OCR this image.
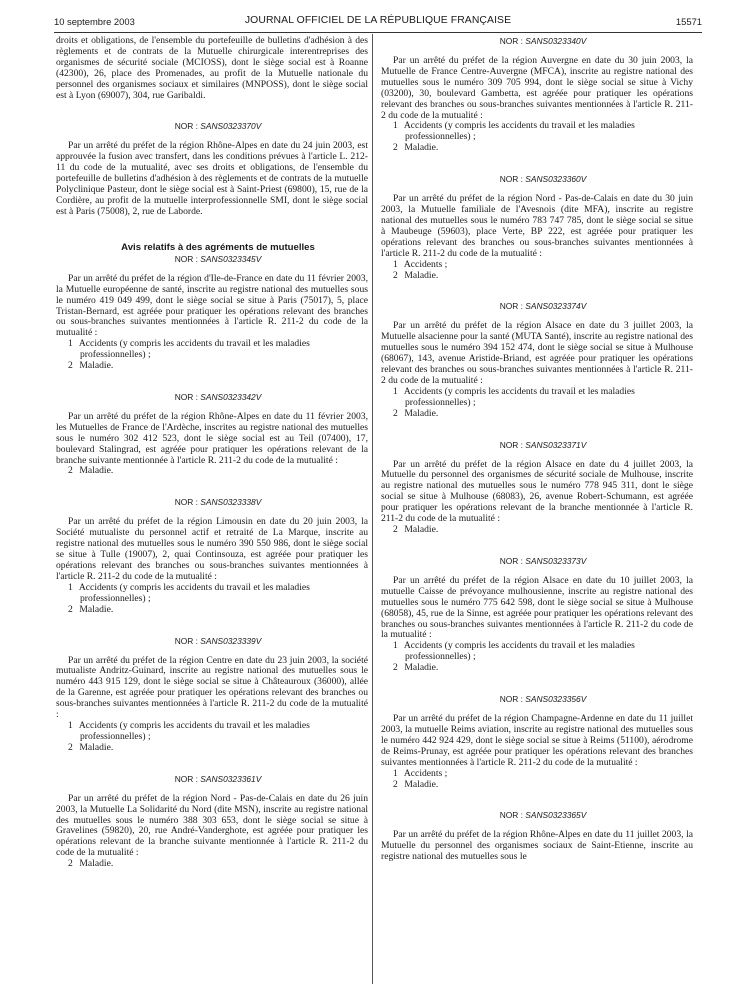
10 septembre 2003	JOURNAL OFFICIEL DE LA RÉPUBLIQUE FRANÇAISE	15571

droits et obligations, de l'ensemble du portefeuille de bulletins d'adhésion à des règlements et de contrats de la Mutuelle chirurgicale interentreprises des organismes de sécurité sociale (MCIOSS), dont le siège social est à Roanne (42300), 26, place des Promenades, au profit de la Mutuelle nationale du personnel des organismes sociaux et similaires (MNPOSS), dont le siège social est à Lyon (69007), 304, rue Garibaldi.

NOR : SANS0323370V

Par un arrêté du préfet de la région Rhône-Alpes en date du 24 juin 2003, est approuvée la fusion avec transfert, dans les conditions prévues à l'article L. 212-11 du code de la mutualité, avec ses droits et obligations, de l'ensemble du portefeuille de bulletins d'adhésion à des règlements et de contrats de la mutuelle Polyclinique Pasteur, dont le siège social est à Saint-Priest (69800), 15, rue de la Cordière, au profit de la mutuelle interprofessionnelle SMI, dont le siège social est à Paris (75008), 2, rue de Laborde.

Avis relatifs à des agréments de mutuelles

NOR : SANS0323345V

Par un arrêté du préfet de la région d'Ile-de-France en date du 11 février 2003, la Mutuelle européenne de santé, inscrite au registre national des mutuelles sous le numéro 419 049 499, dont le siège social se situe à Paris (75017), 5, place Tristan-Bernard, est agréée pour pratiquer les opérations relevant des branches ou sous-branches suivantes mentionnées à l'article R. 211-2 du code de la mutualité :

1 Accidents (y compris les accidents du travail et les maladies professionnelles) ;
2 Maladie.

NOR : SANS0323342V

Par un arrêté du préfet de la région Rhône-Alpes en date du 11 février 2003, les Mutuelles de France de l'Ardèche, inscrites au registre national des mutuelles sous le numéro 302 412 523, dont le siège social est au Teil (07400), 17, boulevard Stalingrad, est agréée pour pratiquer les opérations relevant de la branche suivante mentionnée à l'article R. 211-2 du code de la mutualité :

2 Maladie.

NOR : SANS0323338V

Par un arrêté du préfet de la région Limousin en date du 20 juin 2003, la Société mutualiste du personnel actif et retraité de La Marque, inscrite au registre national des mutuelles sous le numéro 390 550 986, dont le siège social se situe à Tulle (19007), 2, quai Continsouza, est agréée pour pratiquer les opérations relevant des branches ou sous-branches suivantes mentionnées à l'article R. 211-2 du code de la mutualité :

1 Accidents (y compris les accidents du travail et les maladies professionnelles) ;
2 Maladie.

NOR : SANS0323339V

Par un arrêté du préfet de la région Centre en date du 23 juin 2003, la société mutualiste Andritz-Guinard, inscrite au registre national des mutuelles sous le numéro 443 915 129, dont le siège social se situe à Châteauroux (36000), allée de la Garenne, est agréée pour pratiquer les opérations relevant des branches ou sous-branches suivantes mentionnées à l'article R. 211-2 du code de la mutualité :

1 Accidents (y compris les accidents du travail et les maladies professionnelles) ;
2 Maladie.

NOR : SANS0323361V

Par un arrêté du préfet de la région Nord - Pas-de-Calais en date du 26 juin 2003, la Mutuelle La Solidarité du Nord (dite MSN), inscrite au registre national des mutuelles sous le numéro 388 303 653, dont le siège social se situe à Gravelines (59820), 20, rue André-Vanderghote, est agréée pour pratiquer les opérations relevant de la branche suivante mentionnée à l'article R. 211-2 du code de la mutualité :

2 Maladie.

NOR : SANS0323340V

Par un arrêté du préfet de la région Auvergne en date du 30 juin 2003, la Mutuelle de France Centre-Auvergne (MFCA), inscrite au registre national des mutuelles sous le numéro 309 705 994, dont le siège social se situe à Vichy (03200), 30, boulevard Gambetta, est agréée pour pratiquer les opérations relevant des branches ou sous-branches suivantes mentionnées à l'article R. 211-2 du code de la mutualité :

1 Accidents (y compris les accidents du travail et les maladies professionnelles) ;
2 Maladie.

NOR : SANS0323360V

Par un arrêté du préfet de la région Nord - Pas-de-Calais en date du 30 juin 2003, la Mutuelle familiale de l'Avesnois (dite MFA), inscrite au registre national des mutuelles sous le numéro 783 747 785, dont le siège social se situe à Maubeuge (59603), place Verte, BP 222, est agréée pour pratiquer les opérations relevant des branches ou sous-branches suivantes mentionnées à l'article R. 211-2 du code de la mutualité :

1 Accidents ;
2 Maladie.

NOR : SANS0323374V

Par un arrêté du préfet de la région Alsace en date du 3 juillet 2003, la Mutuelle alsacienne pour la santé (MUTA Santé), inscrite au registre national des mutuelles sous le numéro 394 152 474, dont le siège social se situe à Mulhouse (68067), 143, avenue Aristide-Briand, est agréée pour pratiquer les opérations relevant des branches ou sous-branches suivantes mentionnées à l'article R. 211-2 du code de la mutualité :

1 Accidents (y compris les accidents du travail et les maladies professionnelles) ;
2 Maladie.

NOR : SANS0323371V

Par un arrêté du préfet de la région Alsace en date du 4 juillet 2003, la Mutuelle du personnel des organismes de sécurité sociale de Mulhouse, inscrite au registre national des mutuelles sous le numéro 778 945 311, dont le siège social se situe à Mulhouse (68083), 26, avenue Robert-Schumann, est agréée pour pratiquer les opérations relevant de la branche mentionnée à l'article R. 211-2 du code de la mutualité :

2 Maladie.

NOR : SANS0323373V

Par un arrêté du préfet de la région Alsace en date du 10 juillet 2003, la mutuelle Caisse de prévoyance mulhousienne, inscrite au registre national des mutuelles sous le numéro 775 642 598, dont le siège social se situe à Mulhouse (68058), 45, rue de la Sinne, est agréée pour pratiquer les opérations relevant des branches ou sous-branches suivantes mentionnées à l'article R. 211-2 du code de la mutualité :

1 Accidents (y compris les accidents du travail et les maladies professionnelles) ;
2 Maladie.

NOR : SANS0323356V

Par un arrêté du préfet de la région Champagne-Ardenne en date du 11 juillet 2003, la mutuelle Reims aviation, inscrite au registre national des mutuelles sous le numéro 442 924 429, dont le siège social se situe à Reims (51100), aérodrome de Reims-Prunay, est agréée pour pratiquer les opérations relevant des branches suivantes mentionnées à l'article R. 211-2 du code de la mutualité :

1 Accidents ;
2 Maladie.

NOR : SANS0323365V

Par un arrêté du préfet de la région Rhône-Alpes en date du 11 juillet 2003, la Mutuelle du personnel des organismes sociaux de Saint-Etienne, inscrite au registre national des mutuelles sous le
